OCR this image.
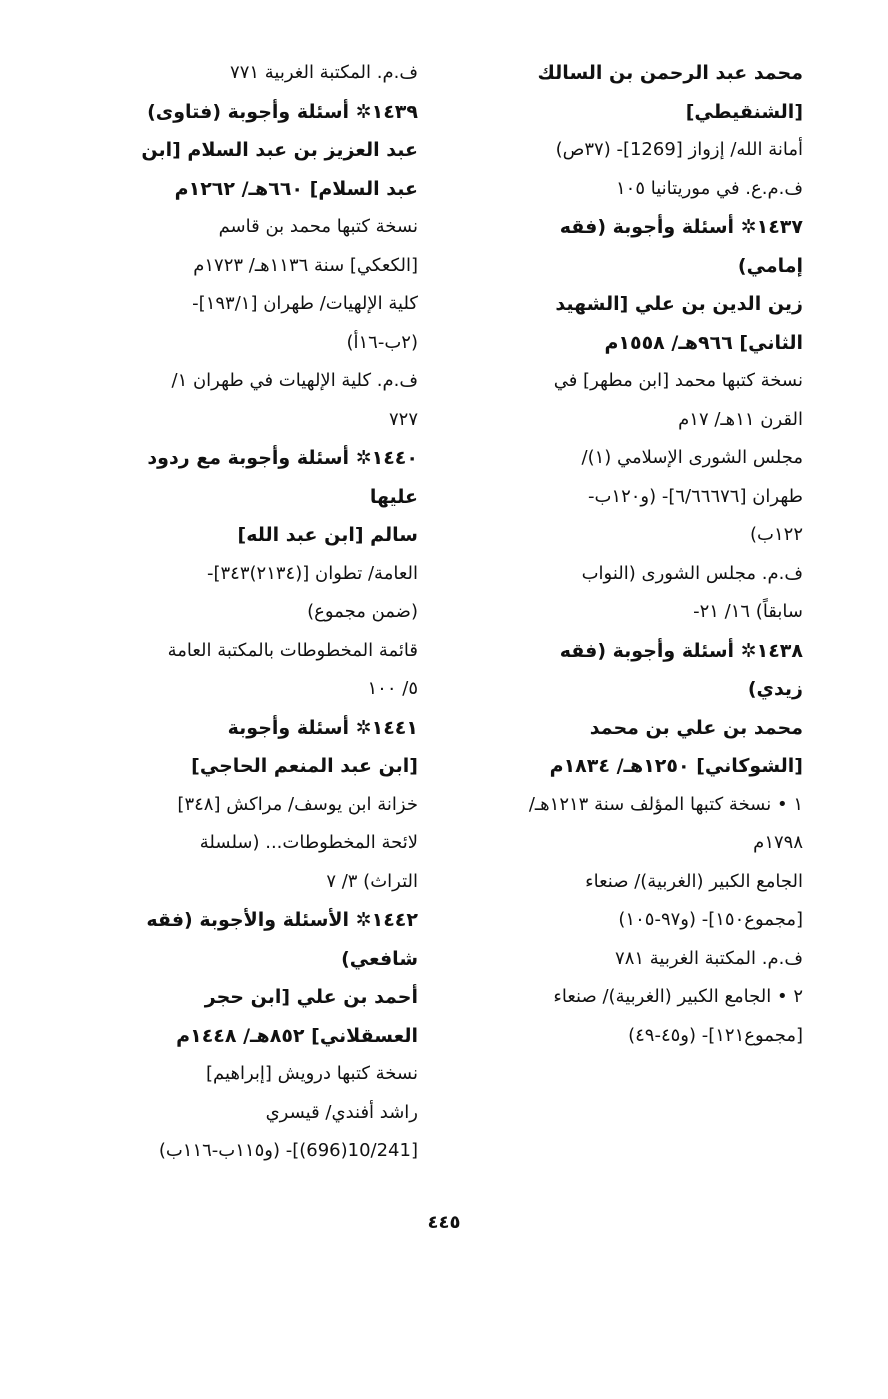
محمد عبد الرحمن بن السالك
[الشنقيطي]
أمانة الله/ إزواز [1269]- (٣٧ص)
ف.م.ع. في موريتانيا ١٠٥
١٤٣٧✲ أسئلة وأجوبة (فقه
إمامي)
زين الدين بن علي [الشهيد
الثاني] ٩٦٦هـ/ ١٥٥٨م
نسخة كتبها محمد [ابن مطهر] في
القرن ١١هـ/ ١٧م
مجلس الشورى الإسلامي (١)/
طهران [٦/٦٦٦٧٦]- (و١٢٠ب-
١٢٢ب)
ف.م. مجلس الشورى (النواب
سابقاً) ١٦/ ٢١-
١٤٣٨✲ أسئلة وأجوبة (فقه
زيدي)
محمد بن علي بن محمد
[الشوكاني] ١٢٥٠هـ/ ١٨٣٤م
١ • نسخة كتبها المؤلف سنة ١٢١٣هـ/
١٧٩٨م
الجامع الكبير (الغربية)/ صنعاء
[مجموع١٥٠]- (و٩٧-١٠٥)
ف.م. المكتبة الغربية ٧٨١
٢ • الجامع الكبير (الغربية)/ صنعاء
[مجموع١٢١]- (و٤٥-٤٩)
ف.م. المكتبة الغربية ٧٧١
١٤٣٩✲ أسئلة وأجوبة (فتاوى)
عبد العزيز بن عبد السلام [ابن
عبد السلام] ٦٦٠هـ/ ١٢٦٢م
نسخة كتبها محمد بن قاسم
[الكعكي] سنة ١١٣٦هـ/ ١٧٢٣م
كلية الإلهيات/ طهران [١٩٣/١]-
(٢ب-١٦أ)
ف.م. كلية الإلهيات في طهران ١/
٧٢٧
١٤٤٠✲ أسئلة وأجوبة مع ردود
عليها
سالم [ابن عبد الله]
العامة/ تطوان [(٢١٣٤)٣٤٣]-
(ضمن مجموع)
قائمة المخطوطات بالمكتبة العامة
٥/ ١٠٠
١٤٤١✲ أسئلة وأجوبة
[ابن عبد المنعم الحاجي]
خزانة ابن يوسف/ مراكش [٣٤٨]
لائحة المخطوطات... (سلسلة
التراث) ٣/ ٧
١٤٤٢✲ الأسئلة والأجوبة (فقه
شافعي)
أحمد بن علي [ابن حجر
العسقلاني] ٨٥٢هـ/ ١٤٤٨م
نسخة كتبها درويش [إبراهيم]
راشد أفندي/ قيسري
[10/241(696)]- (و١١٥ب-١١٦ب)
٤٤٥
